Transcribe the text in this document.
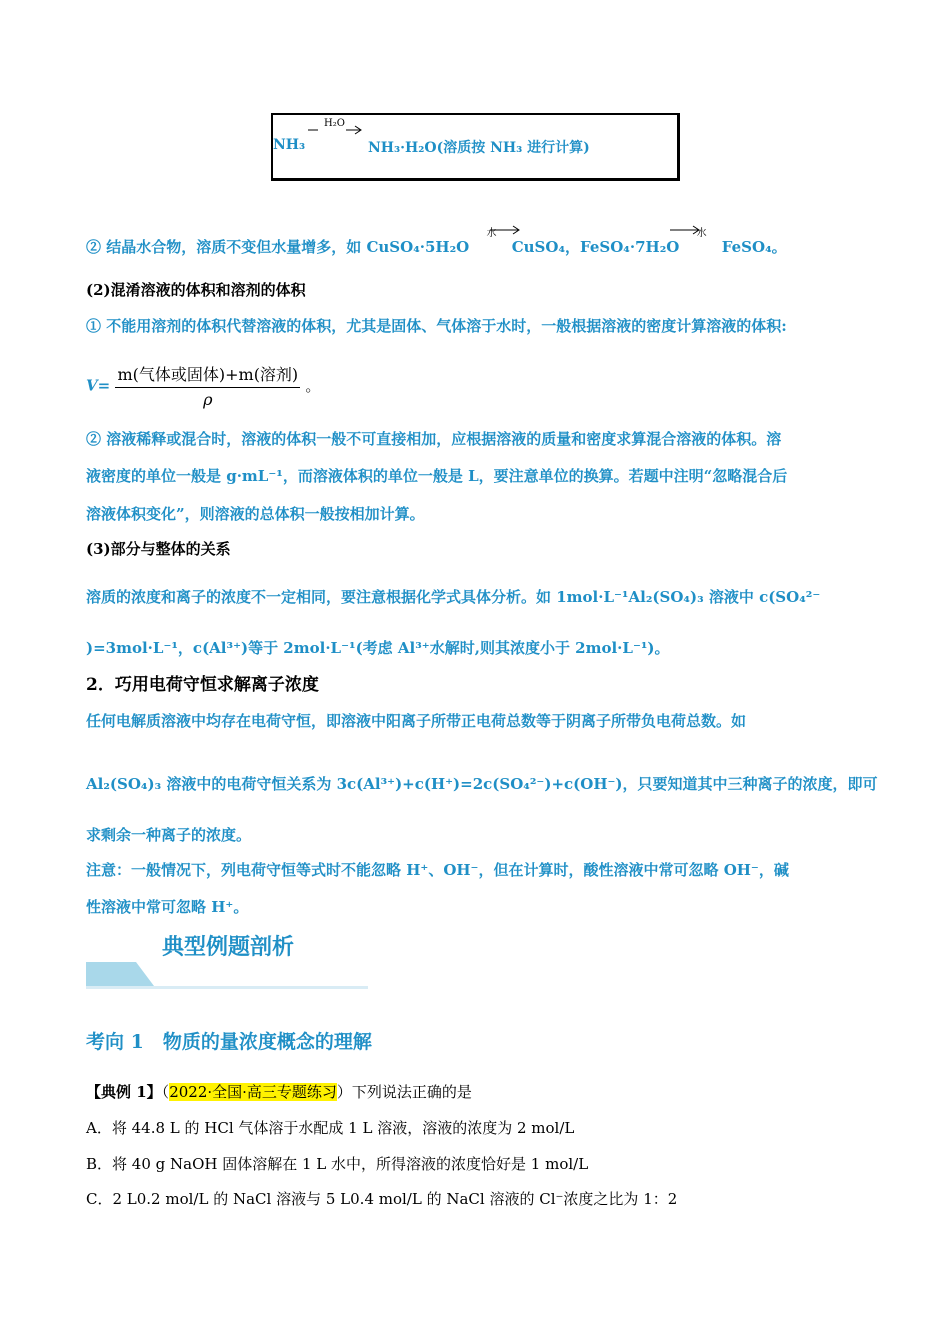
NH₃
H₂O
NH₃·H₂O(溶质按 NH₃ 进行计算)
② 结晶水合物，溶质不变但水量增多，如 CuSO₄·5H₂O
水
CuSO₄，FeSO₄·7H₂O
水
FeSO₄。
(2)混淆溶液的体积和溶剂的体积
① 不能用溶剂的体积代替溶液的体积，尤其是固体、气体溶于水时，一般根据溶液的密度计算溶液的体积:
$V= \frac{\text{m(气体或固体)+m(溶剂)}}{\rho}$ 。
② 溶液稀释或混合时，溶液的体积一般不可直接相加，应根据溶液的质量和密度求算混合溶液的体积。溶
液密度的单位一般是 g·mL⁻¹，而溶液体积的单位一般是 L，要注意单位的换算。若题中注明“忽略混合后
溶液体积变化”，则溶液的总体积一般按相加计算。
(3)部分与整体的关系
溶质的浓度和离子的浓度不一定相同，要注意根据化学式具体分析。如 1mol·L⁻¹Al₂(SO₄)₃ 溶液中 c(SO₄²⁻
)=3mol·L⁻¹，c(Al³⁺)等于 2mol·L⁻¹(考虑 Al³⁺水解时,则其浓度小于 2mol·L⁻¹)。
2．巧用电荷守恒求解离子浓度
任何电解质溶液中均存在电荷守恒，即溶液中阳离子所带正电荷总数等于阴离子所带负电荷总数。如
Al₂(SO₄)₃ 溶液中的电荷守恒关系为 3c(Al³⁺)+c(H⁺)=2c(SO₄²⁻)+c(OH⁻)，只要知道其中三种离子的浓度，即可
求剩余一种离子的浓度。
注意：一般情况下，列电荷守恒等式时不能忽略 H⁺、OH⁻，但在计算时，酸性溶液中常可忽略 OH⁻，碱
性溶液中常可忽略 H⁺。
典型例题剖析
考向 1　物质的量浓度概念的理解
【典例 1】（2022·全国·高三专题练习）下列说法正确的是
A．将 44.8 L 的 HCl 气体溶于水配成 1 L 溶液，溶液的浓度为 2 mol/L
B．将 40 g NaOH 固体溶解在 1 L 水中，所得溶液的浓度恰好是 1 mol/L
C．2 L0.2 mol/L 的 NaCl 溶液与 5 L0.4 mol/L 的 NaCl 溶液的 Cl⁻浓度之比为 1：2
